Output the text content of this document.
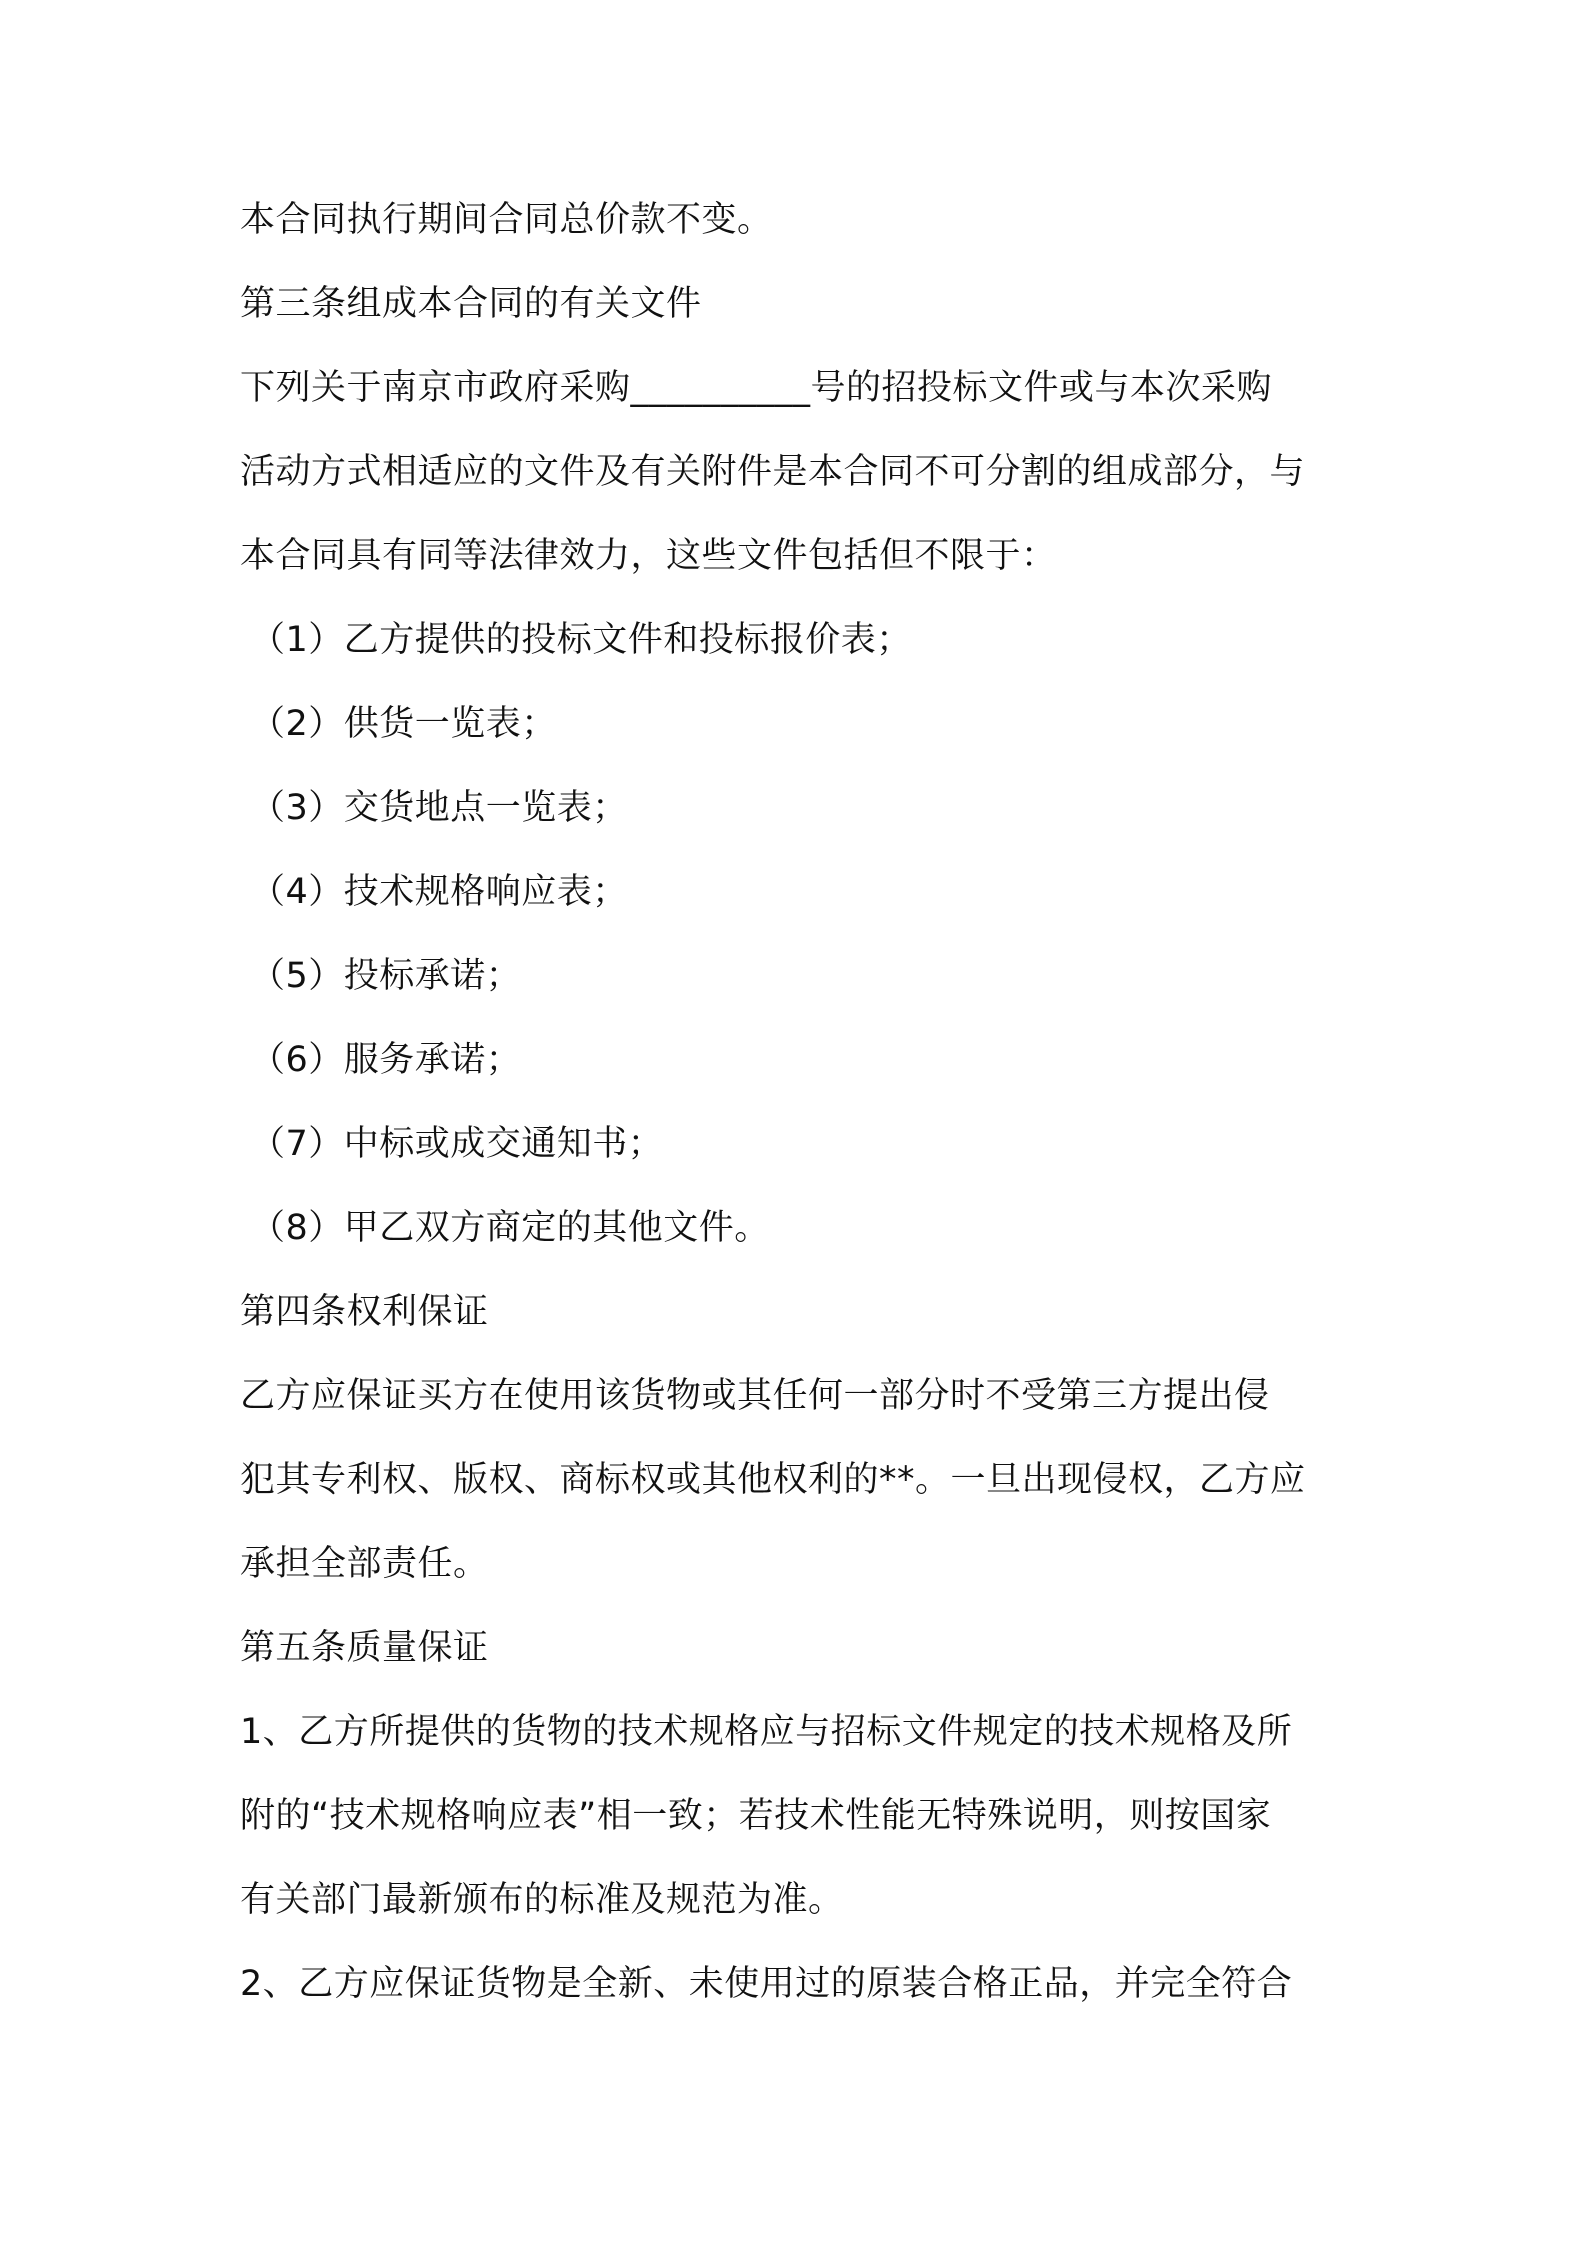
本合同执行期间合同总价款不变。
第三条组成本合同的有关文件
下列关于南京市政府采购__________号的招投标文件或与本次采购
活动方式相适应的文件及有关附件是本合同不可分割的组成部分，与
本合同具有同等法律效力，这些文件包括但不限于：
（1）乙方提供的投标文件和投标报价表；
（2）供货一览表；
（3）交货地点一览表；
（4）技术规格响应表；
（5）投标承诺；
（6）服务承诺；
（7）中标或成交通知书；
（8）甲乙双方商定的其他文件。
第四条权利保证
乙方应保证买方在使用该货物或其任何一部分时不受第三方提出侵
犯其专利权、版权、商标权或其他权利的**。一旦出现侵权，乙方应
承担全部责任。
第五条质量保证
1、乙方所提供的货物的技术规格应与招标文件规定的技术规格及所
附的“技术规格响应表”相一致；若技术性能无特殊说明，则按国家
有关部门最新颁布的标准及规范为准。
2、乙方应保证货物是全新、未使用过的原装合格正品，并完全符合
